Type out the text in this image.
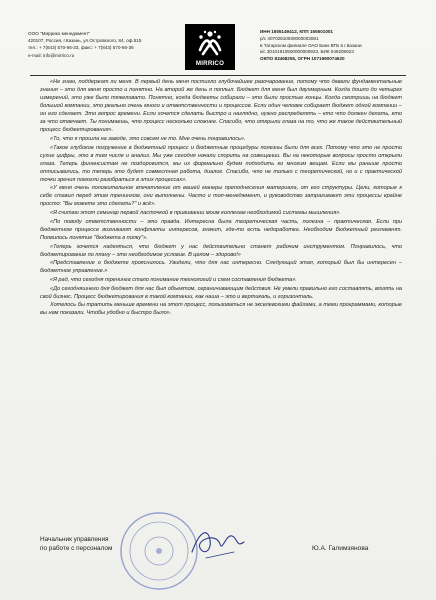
ООО "Миррико менеджмент"
420107, Россия, г.Казань, ул.Островского, 84, оф.515
тел.: + 7(843) 570-66-33, факс: + 7(843) 570-66-36
e-mail: info@mirrico.ru
MIRRICO
ИНН 1655149412, КПП 165501001
р/с 40702810930000003081
в Татарском филиале ОАО Банк ВТБ в г.Казани
к/с 30101810500000000923, БИК 049205923
ОКПО 83468255, ОГРН 1071690074620

«Не знаю, поддержат ли меня. В первый день меня постигло глубочайшее разочарование, потому что давали фундаментальные знания – это для меня просто и понятно. На второй же день я поплыл. Бюджет для меня был двухмерным. Когда дошло до четырех измерений, это уже было тяжеловато. Понятно, когда бюджеты собирали – это были простые концы. Когда смотришь на бюджет большой компании, это реально очень много и ответственности и процессов. Если один человек собирает бюджет одной компании – он его сделает. Это вопрос времени. Если хочется сделать быстро и наглядно, нужно распределять – кто что должен делать, кто за что отвечает. Ты понимаешь, что процесс несколько сложнее. Спасибо, что открыли глаза на то, что же такое действительный процесс бюджетирования».

«То, что я прошла на заводе, это совсем не то. Мне очень понравилось».

«Такое глубокое погружение в бюджетный процесс и бюджетные процедуры полезны были для всех. Потому что это не просто сухие цифры, это в том числе и анализ. Мы уже сегодня начали спорить на совещании. Вы на некоторые вопросы просто открыли глаза. Теперь финансистам не поздоровится, мы их формально будем подходить ко многим вещам. Если мы раньше просто отписывались, то теперь это будет совместная работа, диалог. Спасибо, что не только с теоретической, но и с практической точки зрения помогли разобраться в этих процессах».

«У меня очень положительное впечатление от вашей манеры преподнесения материала, от его структуры. Цели, которые к себе ставил перед этим тренингом, они выполнены. Часто и топ-менеджмент, и руководство затрагивают эти процессы крайне просто: "Вы можете это сделать?" и всё».

«Я считаю этот семинар первой ласточкой в прививании моим коллегам необходимой системы мышления».

«По поводу ответственности – это правда. Интересна была теоретическая часть, полезна – практическая. Если при бюджетном процессе возникают конфликты интересов, значит, где-то есть недоработка. Необходим бюджетный регламент. Появилось понятие "бюджета в полку"».

«Теперь хочется надеяться, что бюджет у нас действительно станет рабочим инструментом. Понравилось, что бюджетирование по плану – это необходимое условие. В целом – здорово!»

«Представление о бюджете прояснилось. Увидели, что для нас интересно. Следующий этап, который был бы интересен – бюджетное управление.»

«Я рад, что сегодня тренинга стало понимание технологий и схем составления бюджета».

«До сегодняшнего дня бюджет для нас был объектом, ограничивающим действия. Не умели правильно его составлять, влиять на свой бизнес. Процесс бюджетирования в такой компании, как наша – это и вертикаль, и горизонталь.

Хотелось бы тратить меньше времени на этот процесс, пользоваться не экселевскими файлами, а теми программами, которые вы нам показали. Чтобы удобно и быстро было».

Начальник управления
по работе с персоналом	Ю.А. Галимзянова
